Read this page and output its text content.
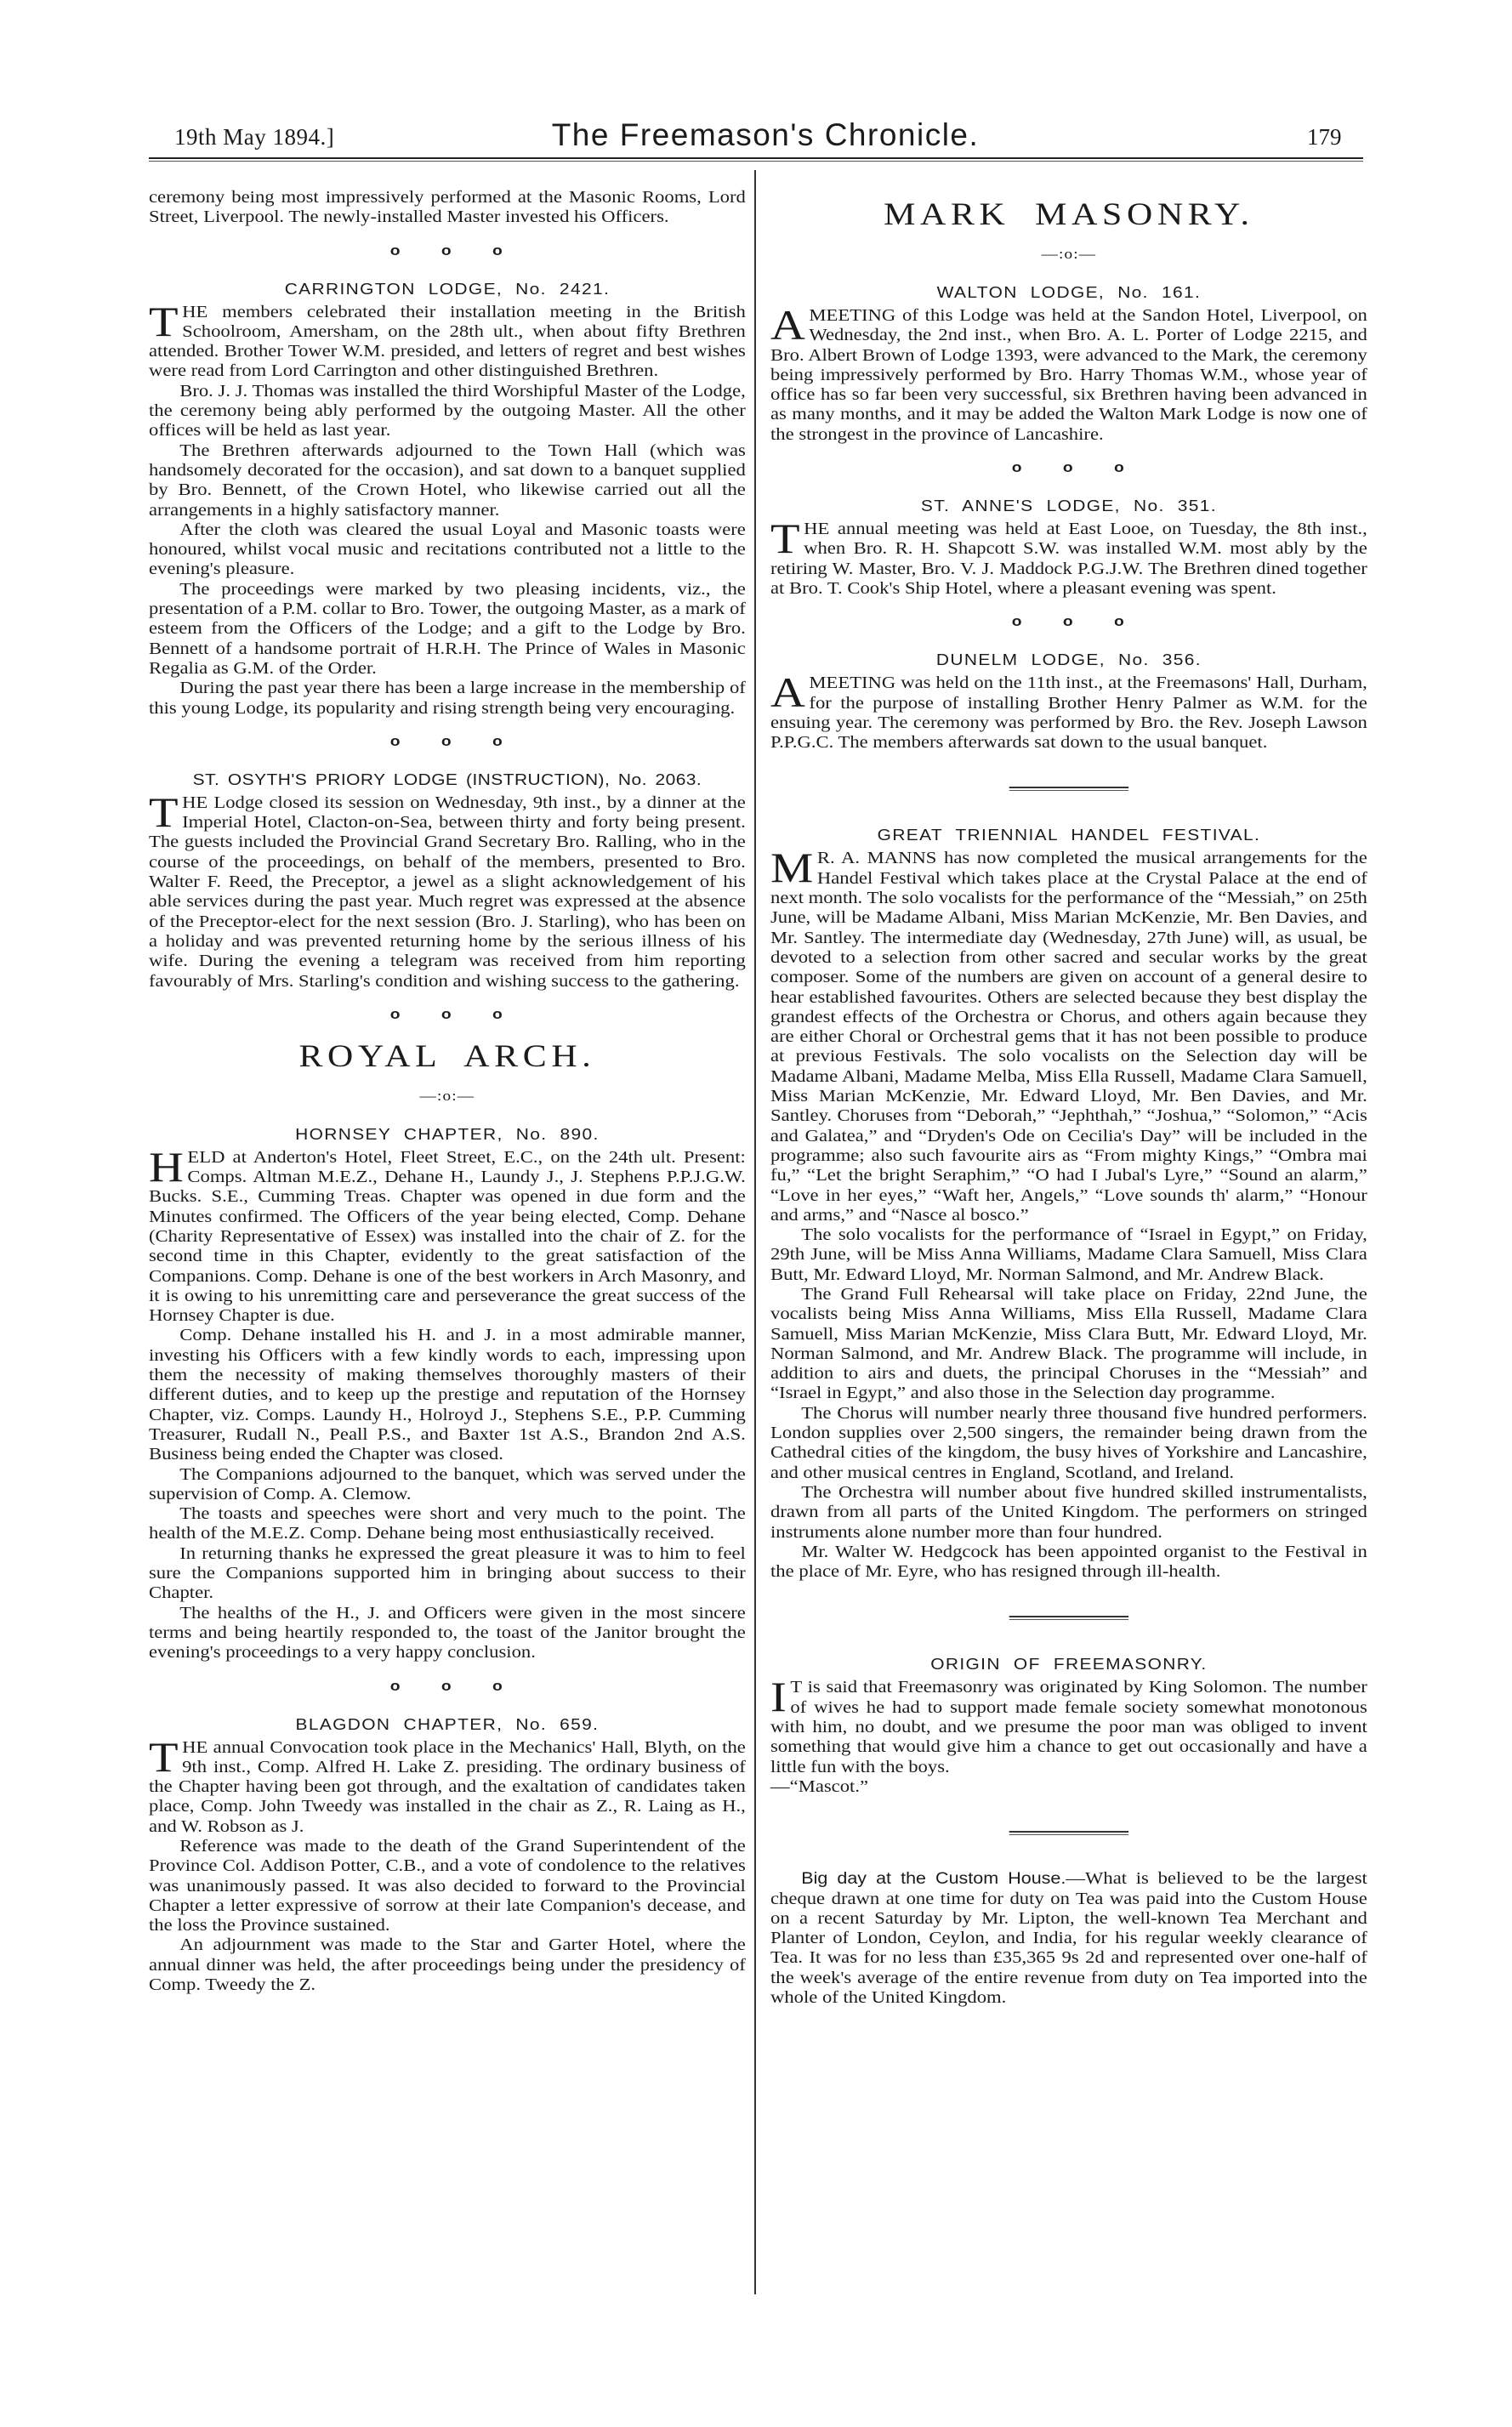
19th May 1894.]	The Freemason's Chronicle.	179

ceremony being most impressively performed at the Masonic Rooms, Lord Street, Liverpool. The newly-installed Master invested his Officers.

o o o
CARRINGTON LODGE, No. 2421.

THE members celebrated their installation meeting in the British Schoolroom, Amersham, on the 28th ult., when about fifty Brethren attended. Brother Tower W.M. presided, and letters of regret and best wishes were read from Lord Carrington and other distinguished Brethren.

Bro. J. J. Thomas was installed the third Worshipful Master of the Lodge, the ceremony being ably performed by the outgoing Master. All the other offices will be held as last year.

The Brethren afterwards adjourned to the Town Hall (which was handsomely decorated for the occasion), and sat down to a banquet supplied by Bro. Bennett, of the Crown Hotel, who likewise carried out all the arrangements in a highly satisfactory manner.

After the cloth was cleared the usual Loyal and Masonic toasts were honoured, whilst vocal music and recitations contributed not a little to the evening's pleasure.

The proceedings were marked by two pleasing incidents, viz., the presentation of a P.M. collar to Bro. Tower, the outgoing Master, as a mark of esteem from the Officers of the Lodge; and a gift to the Lodge by Bro. Bennett of a handsome portrait of H.R.H. The Prince of Wales in Masonic Regalia as G.M. of the Order.

During the past year there has been a large increase in the membership of this young Lodge, its popularity and rising strength being very encouraging.

o o o
ST. OSYTH'S PRIORY LODGE (INSTRUCTION), No. 2063.

THE Lodge closed its session on Wednesday, 9th inst., by a dinner at the Imperial Hotel, Clacton-on-Sea, between thirty and forty being present. The guests included the Provincial Grand Secretary Bro. Ralling, who in the course of the proceedings, on behalf of the members, presented to Bro. Walter F. Reed, the Preceptor, a jewel as a slight acknowledgement of his able services during the past year. Much regret was expressed at the absence of the Preceptor-elect for the next session (Bro. J. Starling), who has been on a holiday and was prevented returning home by the serious illness of his wife. During the evening a telegram was received from him reporting favourably of Mrs. Starling's condition and wishing success to the gathering.

o o o
ROYAL ARCH.
—:o:—
HORNSEY CHAPTER, No. 890.

HELD at Anderton's Hotel, Fleet Street, E.C., on the 24th ult. Present: Comps. Altman M.E.Z., Dehane H., Laundy J., J. Stephens P.P.J.G.W. Bucks. S.E., Cumming Treas. Chapter was opened in due form and the Minutes confirmed. The Officers of the year being elected, Comp. Dehane (Charity Representative of Essex) was installed into the chair of Z. for the second time in this Chapter, evidently to the great satisfaction of the Companions. Comp. Dehane is one of the best workers in Arch Masonry, and it is owing to his unremitting care and perseverance the great success of the Hornsey Chapter is due.

Comp. Dehane installed his H. and J. in a most admirable manner, investing his Officers with a few kindly words to each, impressing upon them the necessity of making themselves thoroughly masters of their different duties, and to keep up the prestige and reputation of the Hornsey Chapter, viz. Comps. Laundy H., Holroyd J., Stephens S.E., P.P. Cumming Treasurer, Rudall N., Peall P.S., and Baxter 1st A.S., Brandon 2nd A.S. Business being ended the Chapter was closed.

The Companions adjourned to the banquet, which was served under the supervision of Comp. A. Clemow.

The toasts and speeches were short and very much to the point. The health of the M.E.Z. Comp. Dehane being most enthusiastically received.

In returning thanks he expressed the great pleasure it was to him to feel sure the Companions supported him in bringing about success to their Chapter.

The healths of the H., J. and Officers were given in the most sincere terms and being heartily responded to, the toast of the Janitor brought the evening's proceedings to a very happy conclusion.

o o o
BLAGDON CHAPTER, No. 659.

THE annual Convocation took place in the Mechanics' Hall, Blyth, on the 9th inst., Comp. Alfred H. Lake Z. presiding. The ordinary business of the Chapter having been got through, and the exaltation of candidates taken place, Comp. John Tweedy was installed in the chair as Z., R. Laing as H., and W. Robson as J.

Reference was made to the death of the Grand Superintendent of the Province Col. Addison Potter, C.B., and a vote of condolence to the relatives was unanimously passed. It was also decided to forward to the Provincial Chapter a letter expressive of sorrow at their late Companion's decease, and the loss the Province sustained.

An adjournment was made to the Star and Garter Hotel, where the annual dinner was held, the after proceedings being under the presidency of Comp. Tweedy the Z.

MARK MASONRY.
—:o:—
WALTON LODGE, No. 161.

AMEETING of this Lodge was held at the Sandon Hotel, Liverpool, on Wednesday, the 2nd inst., when Bro. A. L. Porter of Lodge 2215, and Bro. Albert Brown of Lodge 1393, were advanced to the Mark, the ceremony being impressively performed by Bro. Harry Thomas W.M., whose year of office has so far been very successful, six Brethren having been advanced in as many months, and it may be added the Walton Mark Lodge is now one of the strongest in the province of Lancashire.

o o o
ST. ANNE'S LODGE, No. 351.

THE annual meeting was held at East Looe, on Tuesday, the 8th inst., when Bro. R. H. Shapcott S.W. was installed W.M. most ably by the retiring W. Master, Bro. V. J. Maddock P.G.J.W. The Brethren dined together at Bro. T. Cook's Ship Hotel, where a pleasant evening was spent.

o o o
DUNELM LODGE, No. 356.

AMEETING was held on the 11th inst., at the Freemasons' Hall, Durham, for the purpose of installing Brother Henry Palmer as W.M. for the ensuing year. The ceremony was performed by Bro. the Rev. Joseph Lawson P.P.G.C. The members afterwards sat down to the usual banquet.

GREAT TRIENNIAL HANDEL FESTIVAL.

M R. A. MANNS has now completed the musical arrangements for the Handel Festival which takes place at the Crystal Palace at the end of next month. The solo vocalists for the performance of the “Messiah,” on 25th June, will be Madame Albani, Miss Marian McKenzie, Mr. Ben Davies, and Mr. Santley. The intermediate day (Wednesday, 27th June) will, as usual, be devoted to a selection from other sacred and secular works by the great composer. Some of the numbers are given on account of a general desire to hear established favourites. Others are selected because they best display the grandest effects of the Orchestra or Chorus, and others again because they are either Choral or Orchestral gems that it has not been possible to produce at previous Festivals. The solo vocalists on the Selection day will be Madame Albani, Madame Melba, Miss Ella Russell, Madame Clara Samuell, Miss Marian McKenzie, Mr. Edward Lloyd, Mr. Ben Davies, and Mr. Santley. Choruses from “Deborah,” “Jephthah,” “Joshua,” “Solomon,” “Acis and Galatea,” and “Dryden's Ode on Cecilia's Day” will be included in the programme; also such favourite airs as “From mighty Kings,” “Ombra mai fu,” “Let the bright Seraphim,” “O had I Jubal's Lyre,” “Sound an alarm,” “Love in her eyes,” “Waft her, Angels,” “Love sounds th' alarm,” “Honour and arms,” and “Nasce al bosco.”

The solo vocalists for the performance of “Israel in Egypt,” on Friday, 29th June, will be Miss Anna Williams, Madame Clara Samuell, Miss Clara Butt, Mr. Edward Lloyd, Mr. Norman Salmond, and Mr. Andrew Black.

The Grand Full Rehearsal will take place on Friday, 22nd June, the vocalists being Miss Anna Williams, Miss Ella Russell, Madame Clara Samuell, Miss Marian McKenzie, Miss Clara Butt, Mr. Edward Lloyd, Mr. Norman Salmond, and Mr. Andrew Black. The programme will include, in addition to airs and duets, the principal Choruses in the “Messiah” and “Israel in Egypt,” and also those in the Selection day programme.

The Chorus will number nearly three thousand five hundred performers. London supplies over 2,500 singers, the remainder being drawn from the Cathedral cities of the kingdom, the busy hives of Yorkshire and Lancashire, and other musical centres in England, Scotland, and Ireland.

The Orchestra will number about five hundred skilled instrumentalists, drawn from all parts of the United Kingdom. The performers on stringed instruments alone number more than four hundred.

Mr. Walter W. Hedgcock has been appointed organist to the Festival in the place of Mr. Eyre, who has resigned through ill-health.

ORIGIN OF FREEMASONRY.

I T is said that Freemasonry was originated by King Solomon. The number of wives he had to support made female society somewhat monotonous with him, no doubt, and we presume the poor man was obliged to invent something that would give him a chance to get out occasionally and have a little fun with the boys.

—“Mascot.”

Big day at the Custom House.—What is believed to be the largest cheque drawn at one time for duty on Tea was paid into the Custom House on a recent Saturday by Mr. Lipton, the well-known Tea Merchant and Planter of London, Ceylon, and India, for his regular weekly clearance of Tea. It was for no less than £35,365 9s 2d and represented over one-half of the week's average of the entire revenue from duty on Tea imported into the whole of the United Kingdom.
